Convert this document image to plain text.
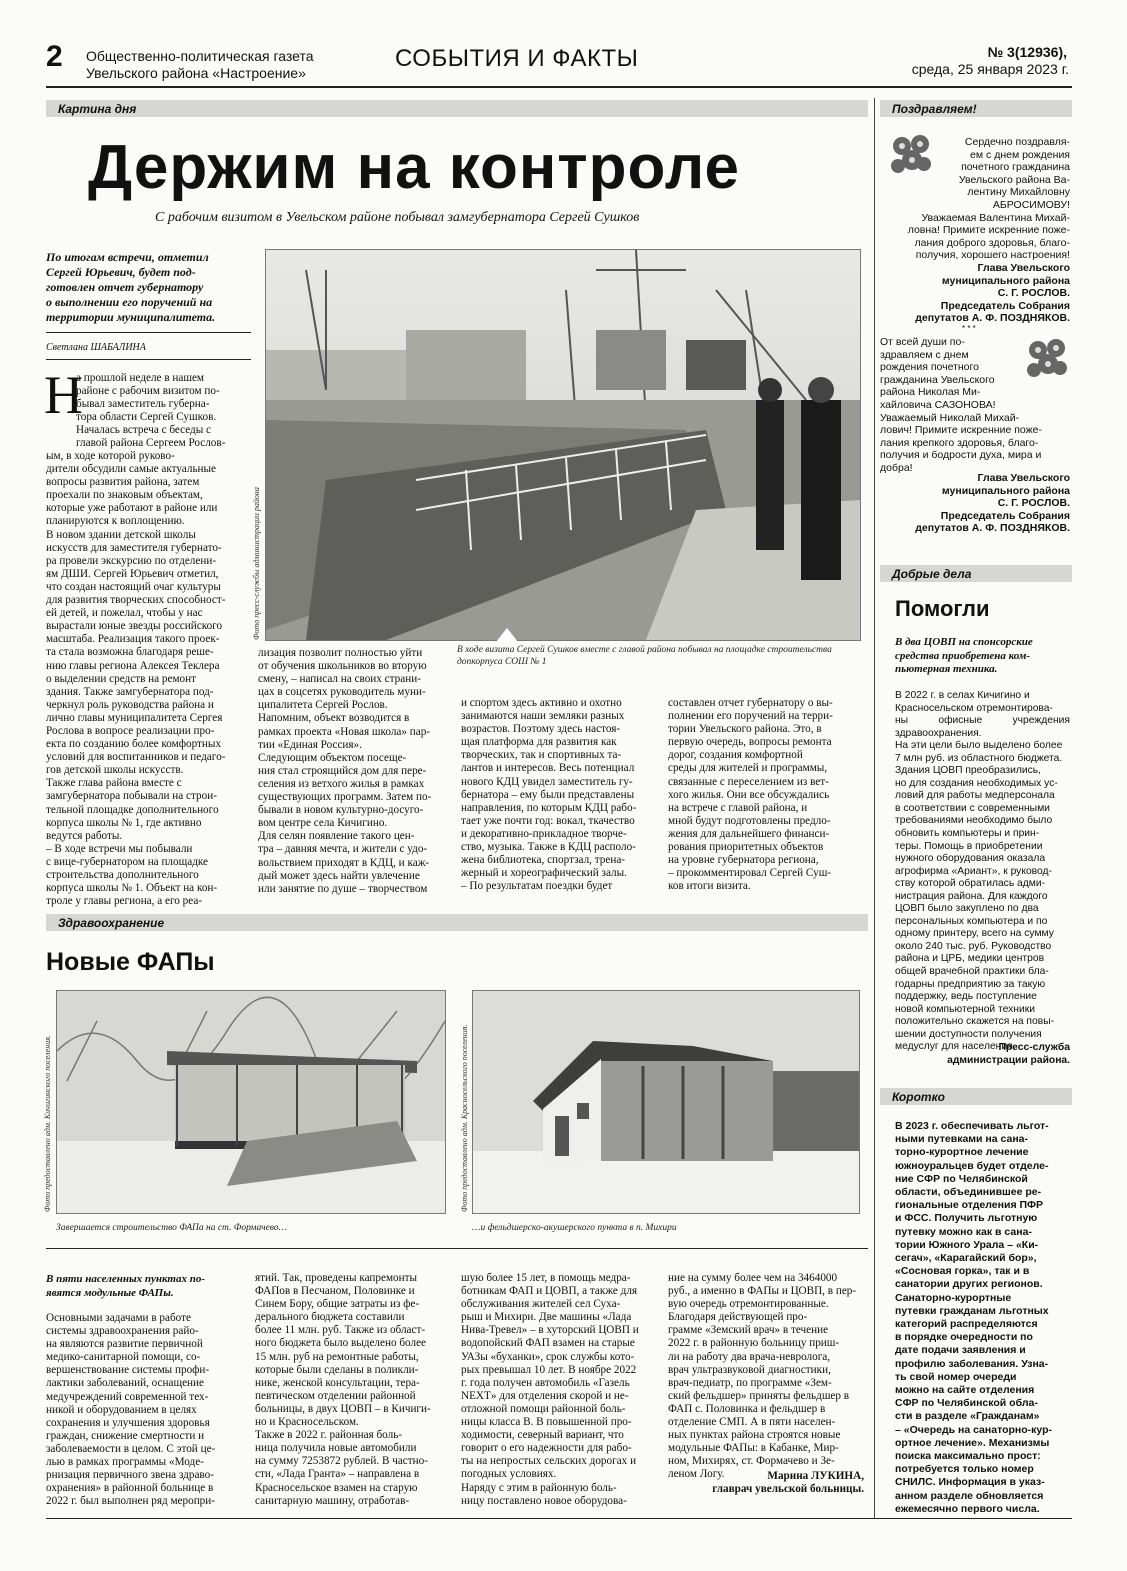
2 Общественно-политическая газета
Увельского района «Настроение»
СОБЫТИЯ И ФАКТЫ	№ 3(12936),
среда, 25 января 2023 г.
Картина дня
Держим на контроле
С рабочим визитом в Увельском районе побывал замгубернатора Сергей Сушков
По итогам встречи, отметил
Сергей Юрьевич, будет под-
готовлен отчет губернатору
о выполнении его поручений на
территории муниципалитета.
Светлана ШАБАЛИНА
Н
а прошлой неделе в нашем
районе с рабочим визитом по-
бывал заместитель губерна-
тора области Сергей Сушков.
Началась встреча с беседы с
главой района Сергеем Рослов-
ым, в ходе которой руково-
дители обсудили самые актуальные
вопросы развития района, затем
проехали по знаковым объектам,
которые уже работают в районе или
планируются к воплощению.
В новом здании детской школы
искусств для заместителя губернато-
ра провели экскурсию по отделени-
ям ДШИ. Сергей Юрьевич отметил,
что создан настоящий очаг культуры
для развития творческих способност-
ей детей, и пожелал, чтобы у нас
вырастали юные звезды российского
масштаба. Реализация такого проек-
та стала возможна благодаря реше-
нию главы региона Алексея Теклера
о выделении средств на ремонт
здания. Также замгубернатора под-
черкнул роль руководства района и
лично главы муниципалитета Сергея
Рослова в вопросе реализации про-
екта по созданию более комфортных
условий для воспитанников и педаго-
гов детской школы искусств.
Также глава района вместе с
замгубернатора побывали на строи-
тельной площадке дополнительного
корпуса школы № 1, где активно
ведутся работы.
– В ходе встречи мы побывали
с вице-губернатором на площадке
строительства дополнительного
корпуса школы № 1. Объект на кон-
троле у главы региона, а его реа-
Фото пресс-службы администрации района
В ходе визита Сергей Сушков вместе с главой района побывал на площадке строительства допкорпуса СОШ № 1
лизация позволит полностью уйти
от обучения школьников во вторую
смену, – написал на своих страни-
цах в соцсетях руководитель муни-
ципалитета Сергей Рослов.
Напомним, объект возводится в
рамках проекта «Новая школа» пар-
тии «Единая Россия».
Следующим объектом посеще-
ния стал строящийся дом для пере-
селения из ветхого жилья в рамках
существующих программ. Затем по-
бывали в новом культурно-досуго-
вом центре села Кичигино.
Для селян появление такого цен-
тра – давняя мечта, и жители с удо-
вольствием приходят в КДЦ, и каж-
дый может здесь найти увлечение
или занятие по душе – творчеством
и спортом здесь активно и охотно
занимаются наши земляки разных
возрастов. Поэтому здесь настоя-
щая платформа для развития как
творческих, так и спортивных та-
лантов и интересов. Весь потенциал
нового КДЦ увидел заместитель гу-
бернатора – ему были представлены
направления, по которым КДЦ рабо-
тает уже почти год: вокал, ткачество
и декоративно-прикладное творче-
ство, музыка. Также в КДЦ располо-
жена библиотека, спортзал, трена-
жерный и хореографический залы.
– По результатам поездки будет
составлен отчет губернатору о вы-
полнении его поручений на терри-
тории Увельского района. Это, в
первую очередь, вопросы ремонта
дорог, создания комфортной
среды для жителей и программы,
связанные с переселением из вет-
хого жилья. Они все обсуждались
на встрече с главой района, и
мной будут подготовлены предло-
жения для дальнейшего финанси-
рования приоритетных объектов
на уровне губернатора региона,
– прокомментировал Сергей Суш-
ков итоги визита.
Поздравляем!
Сердечно поздравля-
ем с днем рождения
почетного гражданина
Увельского района Ва-
лентину Михайловну
АБРОСИМОВУ!
Уважаемая Валентина Михай-
ловна! Примите искренние поже-
лания доброго здоровья, благо-
получия, хорошего настроения!
Глава Увельского
муниципального района
С. Г. РОСЛОВ.
Председатель Собрания
депутатов А. Ф. ПОЗДНЯКОВ.
* * *
От всей души по-
здравляем с днем
рождения почетного
гражданина Увельского
района Николая Ми-
хайловича САЗОНОВА!
Уважаемый Николай Михай-
лович! Примите искренние поже-
лания крепкого здоровья, благо-
получия и бодрости духа, мира и
добра!
Глава Увельского
муниципального района
С. Г. РОСЛОВ.
Председатель Собрания
депутатов А. Ф. ПОЗДНЯКОВ.
Добрые дела
Помогли
В два ЦОВП на спонсорские
средства приобретена ком-
пьютерная техника.
В 2022 г. в селах Кичигино и
Красносельском отремонтирова-
ны офисные учреждения здравоохранения.
На эти цели было выделено более
7 млн руб. из областного бюджета.
Здания ЦОВП преобразились,
но для создания необходимых ус-
ловий для работы медперсонала
в соответствии с современными
требованиями необходимо было
обновить компьютеры и прин-
теры. Помощь в приобретении
нужного оборудования оказала
агрофирма «Ариант», к руковод-
ству которой обратилась адми-
нистрация района. Для каждого
ЦОВП было закуплено по два
персональных компьютера и по
одному принтеру, всего на сумму
около 240 тыс. руб. Руководство
района и ЦРБ, медики центров
общей врачебной практики бла-
годарны предприятию за такую
поддержку, ведь поступление
новой компьютерной техники
положительно скажется на повы-
шении доступности получения
медуслуг для населения.
Пресс-служба
администрации района.
Коротко
В 2023 г. обеспечивать льгот-
ными путевками на сана-
торно-курортное лечение
южноуральцев будет отделе-
ние СФР по Челябинской
области, объединившее ре-
гиональные отделения ПФР
и ФСС. Получить льготную
путевку можно как в сана-
тории Южного Урала – «Ки-
сегач», «Карагайский бор»,
«Сосновая горка», так и в
санатории других регионов.
Санаторно-курортные
путевки гражданам льготных
категорий распределяются
в порядке очередности по
дате подачи заявления и
профилю заболевания. Узна-
ть свой номер очереди
можно на сайте отделения
СФР по Челябинской обла-
сти в разделе «Гражданам»
– «Очередь на санаторно-кур-
ортное лечение». Механизмы
поиска максимально прост:
потребуется только номер
СНИЛС. Информация в указ-
анном разделе обновляется
ежемесячно первого числа.
Здравоохранение
Новые ФАПы
Фото предоставлено адм. Кичигинского поселения.
Завершается строительство ФАПа на ст. Формачево…
Фото предоставлено адм. Красносельского поселения.
…и фельдшерско-акушерского пункта в п. Михири
В пяти населенных пунктах по-
явятся модульные ФАПы.
Основными задачами в работе
системы здравоохранения райо-
на являются развитие первичной
медико-санитарной помощи, со-
вершенствование системы профи-
лактики заболеваний, оснащение
медучреждений современной тех-
никой и оборудованием в целях
сохранения и улучшения здоровья
граждан, снижение смертности и
заболеваемости в целом. С этой це-
лью в рамках программы «Моде-
рнизация первичного звена здраво-
охранения» в районной больнице в
2022 г. был выполнен ряд меропри-
ятий. Так, проведены капремонты
ФАПов в Песчаном, Половинке и
Синем Бору, общие затраты из фе-
дерального бюджета составили
более 11 млн. руб. Также из област-
ного бюджета было выделено более
15 млн. руб на ремонтные работы,
которые были сделаны в поликли-
нике, женской консультации, тера-
певтическом отделении районной
больницы, в двух ЦОВП – в Кичиги-
но и Красносельском.
Также в 2022 г. районная боль-
ница получила новые автомобили
на сумму 7253872 рублей. В частно-
сти, «Лада Гранта» – направлена в
Красносельское взамен на старую
санитарную машину, отработав-
шую более 15 лет, в помощь медра-
ботникам ФАП и ЦОВП, а также для
обслуживания жителей сел Суха-
рыш и Михири. Две машины «Лада
Нива-Тревел» – в хуторский ЦОВП и
водопойский ФАП взамен на старые
УАЗы «буханки», срок службы кото-
рых превышал 10 лет. В ноябре 2022
г. года получен автомобиль «Газель
NEXT» для отделения скорой и не-
отложной помощи районной боль-
ницы класса В. В повышенной про-
ходимости, северный вариант, что
говорит о его надежности для рабо-
ты на непростых сельских дорогах и
погодных условиях.
Наряду с этим в районную боль-
ницу поставлено новое оборудова-
ние на сумму более чем на 3464000
руб., а именно в ФАПы и ЦОВП, в пер-
вую очередь отремонтированные.
Благодаря действующей про-
грамме «Земский врач» в течение
2022 г. в районную больницу приш-
ли на работу два врача-невролога,
врач ультразвуковой диагностики,
врач-педиатр, по программе «Зем-
ский фельдшер» приняты фельдшер в
ФАП с. Половинка и фельдшер в
отделение СМП. А в пяти населен-
ных пунктах района строятся новые
модульные ФАПы: в Кабанке, Мир-
ном, Михирях, ст. Формачево и Зе-
леном Логу.	Марина ЛУКИНА,
главрач увельской больницы.
